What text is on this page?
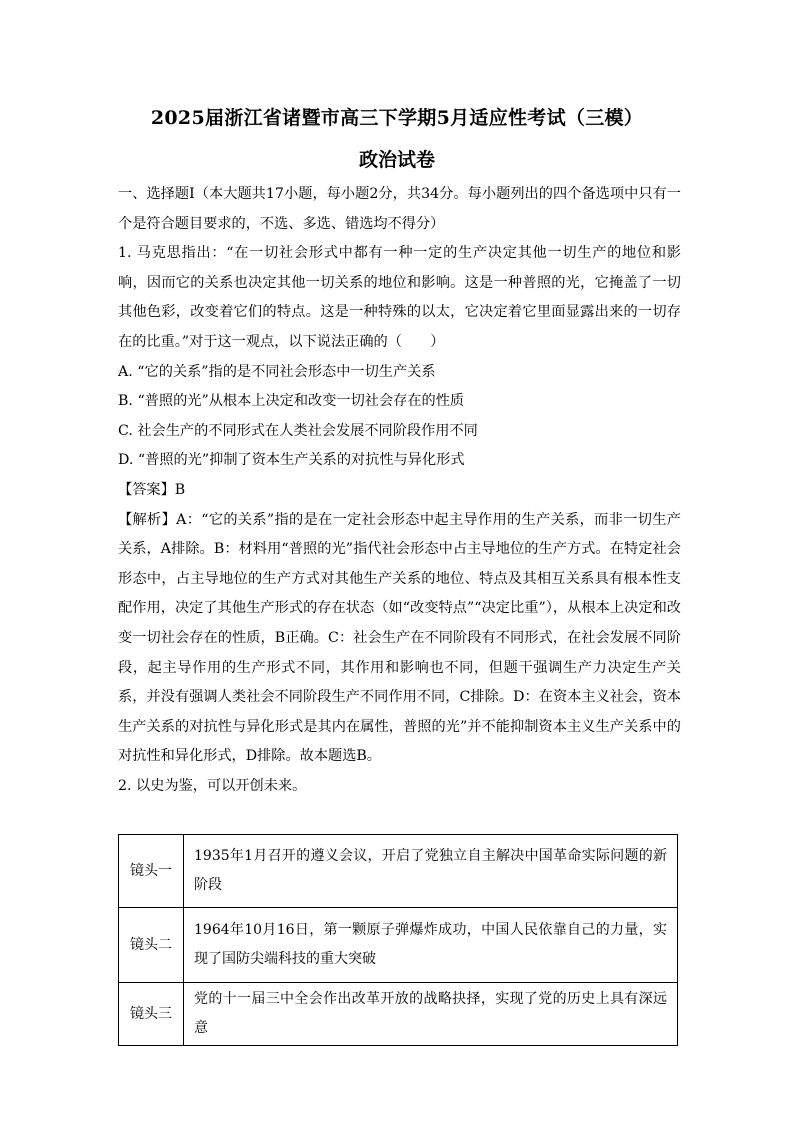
2025届浙江省诸暨市高三下学期5月适应性考试（三模）
政治试卷

一、选择题Ⅰ（本大题共17小题，每小题2分，共34分。每小题列出的四个备选项中只有一个是符合题目要求的，不选、多选、错选均不得分）

1. 马克思指出：“在一切社会形式中都有一种一定的生产决定其他一切生产的地位和影响，因而它的关系也决定其他一切关系的地位和影响。这是一种普照的光，它掩盖了一切其他色彩，改变着它们的特点。这是一种特殊的以太，它决定着它里面显露出来的一切存在的比重。”对于这一观点，以下说法正确的（　　）

A. “它的关系”指的是不同社会形态中一切生产关系

B. “普照的光”从根本上决定和改变一切社会存在的性质

C. 社会生产的不同形式在人类社会发展不同阶段作用不同

D. “普照的光”抑制了资本生产关系的对抗性与异化形式

【答案】B

【解析】A：“它的关系”指的是在一定社会形态中起主导作用的生产关系，而非一切生产关系，A排除。B：材料用“普照的光”指代社会形态中占主导地位的生产方式。在特定社会形态中，占主导地位的生产方式对其他生产关系的地位、特点及其相互关系具有根本性支配作用，决定了其他生产形式的存在状态（如“改变特点”“决定比重”），从根本上决定和改变一切社会存在的性质，B正确。C：社会生产在不同阶段有不同形式，在社会发展不同阶段，起主导作用的生产形式不同，其作用和影响也不同，但题干强调生产力决定生产关系，并没有强调人类社会不同阶段生产不同作用不同，C排除。D：在资本主义社会，资本生产关系的对抗性与异化形式是其内在属性，普照的光”并不能抑制资本主义生产关系中的对抗性和异化形式，D排除。故本题选B。

2. 以史为鉴，可以开创未来。

镜头一	1935年1月召开的遵义会议，开启了党独立自主解决中国革命实际问题的新阶段
镜头二	1964年10月16日，第一颗原子弹爆炸成功，中国人民依靠自己的力量，实现了国防尖端科技的重大突破
镜头三	党的十一届三中全会作出改革开放的战略抉择，实现了党的历史上具有深远意
